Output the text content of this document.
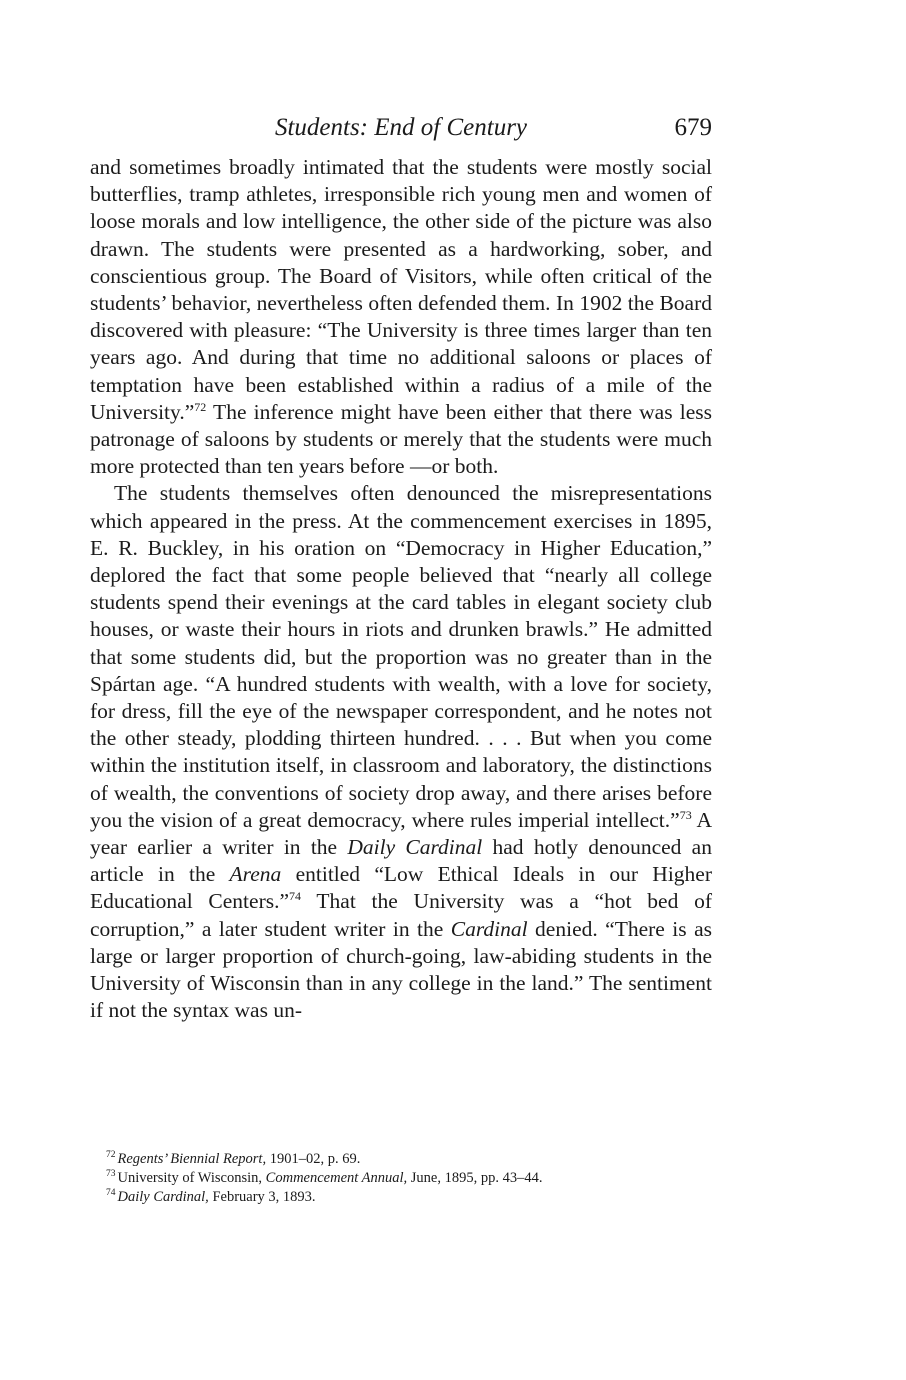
Students: End of Century	679

and sometimes broadly intimated that the students were mostly social butterflies, tramp athletes, irresponsible rich young men and women of loose morals and low intelligence, the other side of the picture was also drawn. The students were presented as a hardworking, sober, and conscientious group. The Board of Visitors, while often critical of the students’ behavior, nevertheless often defended them. In 1902 the Board discovered with pleasure: “The University is three times larger than ten years ago. And during that time no additional saloons or places of temptation have been established within a radius of a mile of the University.”$^{72}$ The inference might have been either that there was less patronage of saloons by students or merely that the students were much more protected than ten years before —or both.

The students themselves often denounced the misrepresentations which appeared in the press. At the commencement exercises in 1895, E. R. Buckley, in his oration on “Democracy in Higher Education,” deplored the fact that some people believed that “nearly all college students spend their evenings at the card tables in elegant society club houses, or waste their hours in riots and drunken brawls.” He admitted that some students did, but the proportion was no greater than in the Spártan age. “A hundred students with wealth, with a love for society, for dress, fill the eye of the newspaper correspondent, and he notes not the other steady, plodding thirteen hundred. . . . But when you come within the institution itself, in classroom and laboratory, the distinctions of wealth, the conventions of society drop away, and there arises before you the vision of a great democracy, where rules imperial intellect.”$^{73}$ A year earlier a writer in the Daily Cardinal had hotly denounced an article in the Arena entitled “Low Ethical Ideals in our Higher Educational Centers.”$^{74}$ That the University was a “hot bed of corruption,” a later student writer in the Cardinal denied. “There is as large or larger proportion of church-going, law-abiding students in the University of Wisconsin than in any college in the land.” The sentiment if not the syntax was un-

$^{72}$ Regents’ Biennial Report, 1901–02, p. 69.

$^{73}$ University of Wisconsin, Commencement Annual, June, 1895, pp. 43–44.

$^{74}$ Daily Cardinal, February 3, 1893.
